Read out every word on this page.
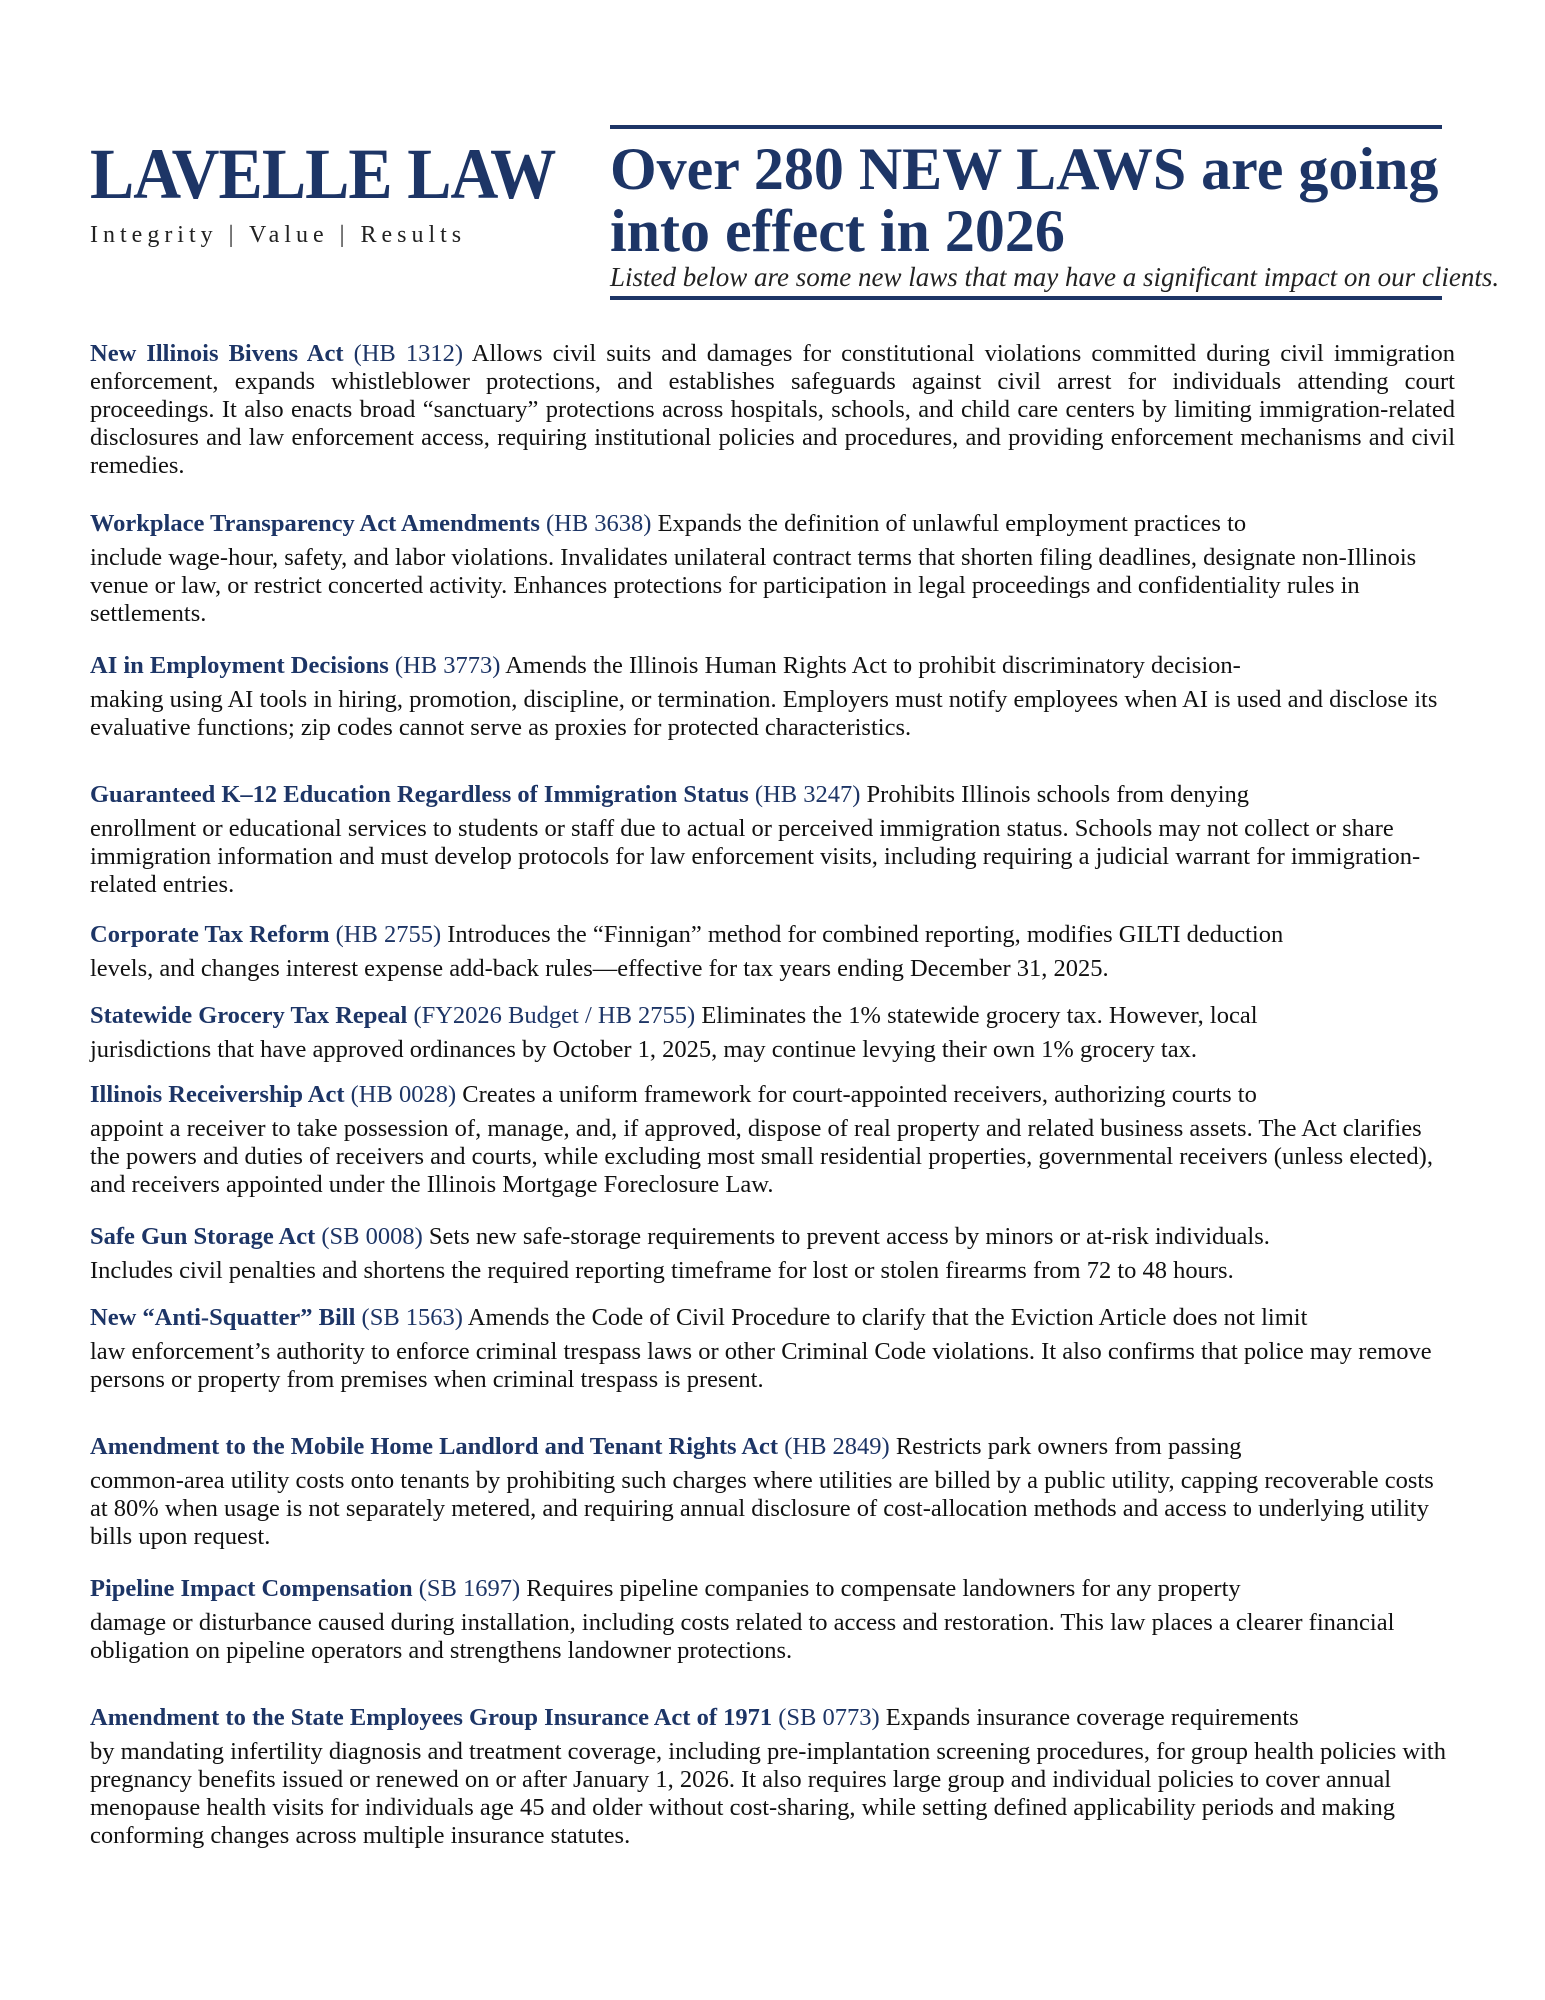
LAVELLE LAW
Integrity | Value | Results
Over 280 NEW LAWS are going into effect in 2026
Listed below are some new laws that may have a significant impact on our clients.
New Illinois Bivens Act (HB 1312) Allows civil suits and damages for constitutional violations committed during civil immigration enforcement, expands whistleblower protections, and establishes safeguards against civil arrest for individuals attending court proceedings. It also enacts broad “sanctuary” protections across hospitals, schools, and child care centers by limiting immigration-related disclosures and law enforcement access, requiring institutional policies and procedures, and providing enforcement mechanisms and civil remedies.
Workplace Transparency Act Amendments (HB 3638) Expands the definition of unlawful employment practices to
include wage-hour, safety, and labor violations. Invalidates unilateral contract terms that shorten filing deadlines, designate non-Illinois venue or law, or restrict concerted activity. Enhances protections for participation in legal proceedings and confidentiality rules in settlements.
AI in Employment Decisions (HB 3773) Amends the Illinois Human Rights Act to prohibit discriminatory decision-
making using AI tools in hiring, promotion, discipline, or termination. Employers must notify employees when AI is used and disclose its evaluative functions; zip codes cannot serve as proxies for protected characteristics.
Guaranteed K–12 Education Regardless of Immigration Status (HB 3247) Prohibits Illinois schools from denying
enrollment or educational services to students or staff due to actual or perceived immigration status. Schools may not collect or share immigration information and must develop protocols for law enforcement visits, including requiring a judicial warrant for immigration-related entries.
Corporate Tax Reform (HB 2755) Introduces the “Finnigan” method for combined reporting, modifies GILTI deduction
levels, and changes interest expense add-back rules—effective for tax years ending December 31, 2025.
Statewide Grocery Tax Repeal (FY2026 Budget / HB 2755) Eliminates the 1% statewide grocery tax. However, local
jurisdictions that have approved ordinances by October 1, 2025, may continue levying their own 1% grocery tax.
Illinois Receivership Act (HB 0028) Creates a uniform framework for court-appointed receivers, authorizing courts to
appoint a receiver to take possession of, manage, and, if approved, dispose of real property and related business assets. The Act clarifies the powers and duties of receivers and courts, while excluding most small residential properties, governmental receivers (unless elected), and receivers appointed under the Illinois Mortgage Foreclosure Law.
Safe Gun Storage Act (SB 0008) Sets new safe-storage requirements to prevent access by minors or at-risk individuals.
Includes civil penalties and shortens the required reporting timeframe for lost or stolen firearms from 72 to 48 hours.
New “Anti-Squatter” Bill (SB 1563) Amends the Code of Civil Procedure to clarify that the Eviction Article does not limit
law enforcement’s authority to enforce criminal trespass laws or other Criminal Code violations. It also confirms that police may remove persons or property from premises when criminal trespass is present.
Amendment to the Mobile Home Landlord and Tenant Rights Act (HB 2849) Restricts park owners from passing
common-area utility costs onto tenants by prohibiting such charges where utilities are billed by a public utility, capping recoverable costs at 80% when usage is not separately metered, and requiring annual disclosure of cost-allocation methods and access to underlying utility bills upon request.
Pipeline Impact Compensation (SB 1697) Requires pipeline companies to compensate landowners for any property
damage or disturbance caused during installation, including costs related to access and restoration. This law places a clearer financial obligation on pipeline operators and strengthens landowner protections.
Amendment to the State Employees Group Insurance Act of 1971 (SB 0773) Expands insurance coverage requirements
by mandating infertility diagnosis and treatment coverage, including pre-implantation screening procedures, for group health policies with pregnancy benefits issued or renewed on or after January 1, 2026. It also requires large group and individual policies to cover annual menopause health visits for individuals age 45 and older without cost-sharing, while setting defined applicability periods and making conforming changes across multiple insurance statutes.
